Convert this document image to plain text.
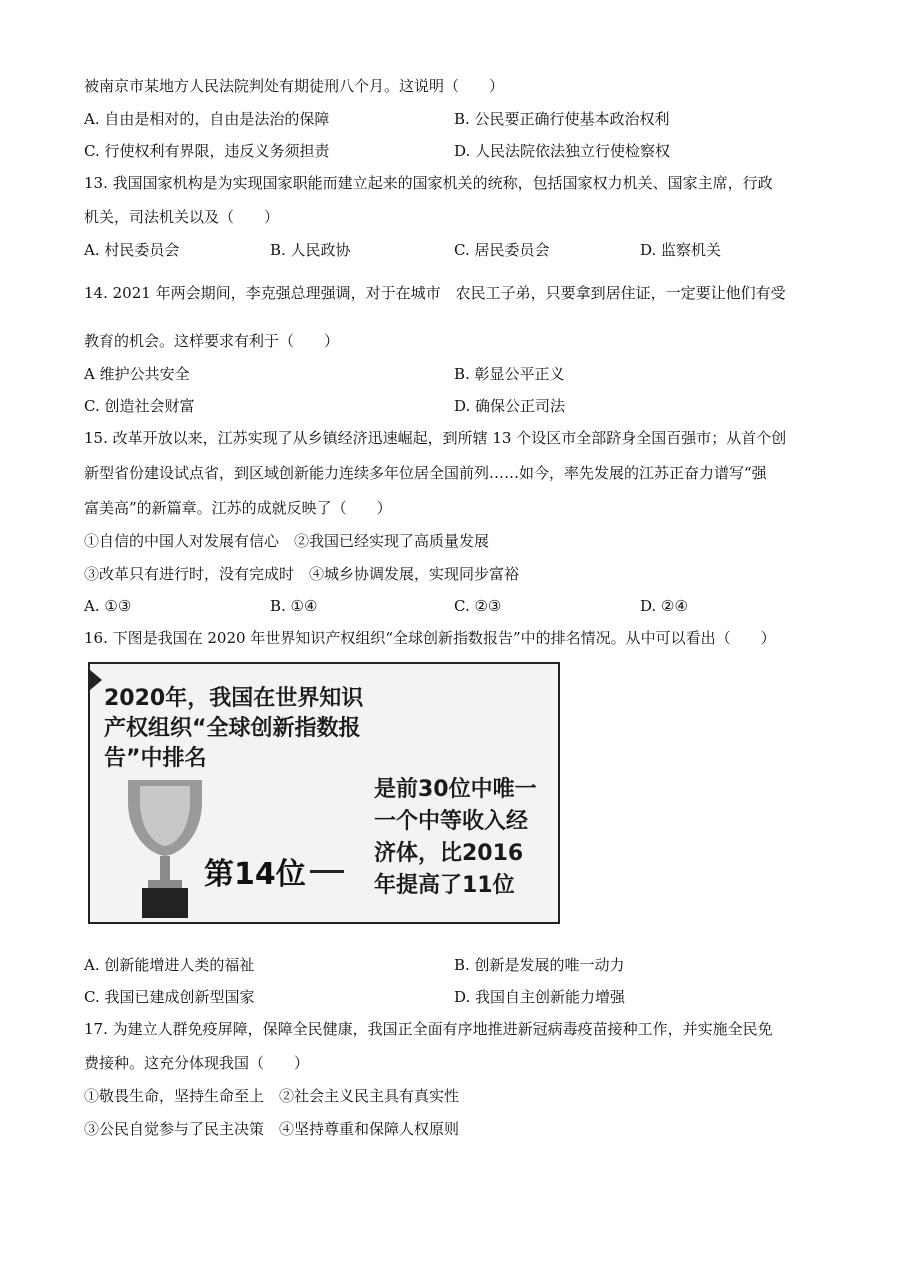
被南京市某地方人民法院判处有期徒刑八个月。这说明（　　）
A. 自由是相对的，自由是法治的保障	B. 公民要正确行使基本政治权利
C. 行使权利有界限，违反义务须担责	D. 人民法院依法独立行使检察权
13. 我国国家机构是为实现国家职能而建立起来的国家机关的统称，包括国家权力机关、国家主席，行政
机关，司法机关以及（　　）
A. 村民委员会	B. 人民政协	C. 居民委员会	D. 监察机关
14. 2021 年两会期间，李克强总理强调，对于在城市　农民工子弟，只要拿到居住证，一定要让他们有受
教育的机会。这样要求有利于（　　）
A 维护公共安全	B. 彰显公平正义
C. 创造社会财富	D. 确保公正司法
15. 改革开放以来，江苏实现了从乡镇经济迅速崛起，到所辖 13 个设区市全部跻身全国百强市；从首个创
新型省份建设试点省，到区域创新能力连续多年位居全国前列……如今，率先发展的江苏正奋力谱写“强
富美高”的新篇章。江苏的成就反映了（　　）
①自信的中国人对发展有信心　②我国已经实现了高质量发展
③改革只有进行时，没有完成时　④城乡协调发展，实现同步富裕
A. ①③	B. ①④	C. ②③	D. ②④
16. 下图是我国在 2020 年世界知识产权组织“全球创新指数报告”中的排名情况。从中可以看出（　　）
2020年，我国在世界知识产权组织“全球创新指数报告”中排名
第14位
是前30位中唯一一个中等收入经济体，比2016年提高了11位
A. 创新能增进人类的福祉	B. 创新是发展的唯一动力
C. 我国已建成创新型国家	D. 我国自主创新能力增强
17. 为建立人群免疫屏障，保障全民健康，我国正全面有序地推进新冠病毒疫苗接种工作，并实施全民免
费接种。这充分体现我国（　　）
①敬畏生命，坚持生命至上　②社会主义民主具有真实性
③公民自觉参与了民主决策　④坚持尊重和保障人权原则
